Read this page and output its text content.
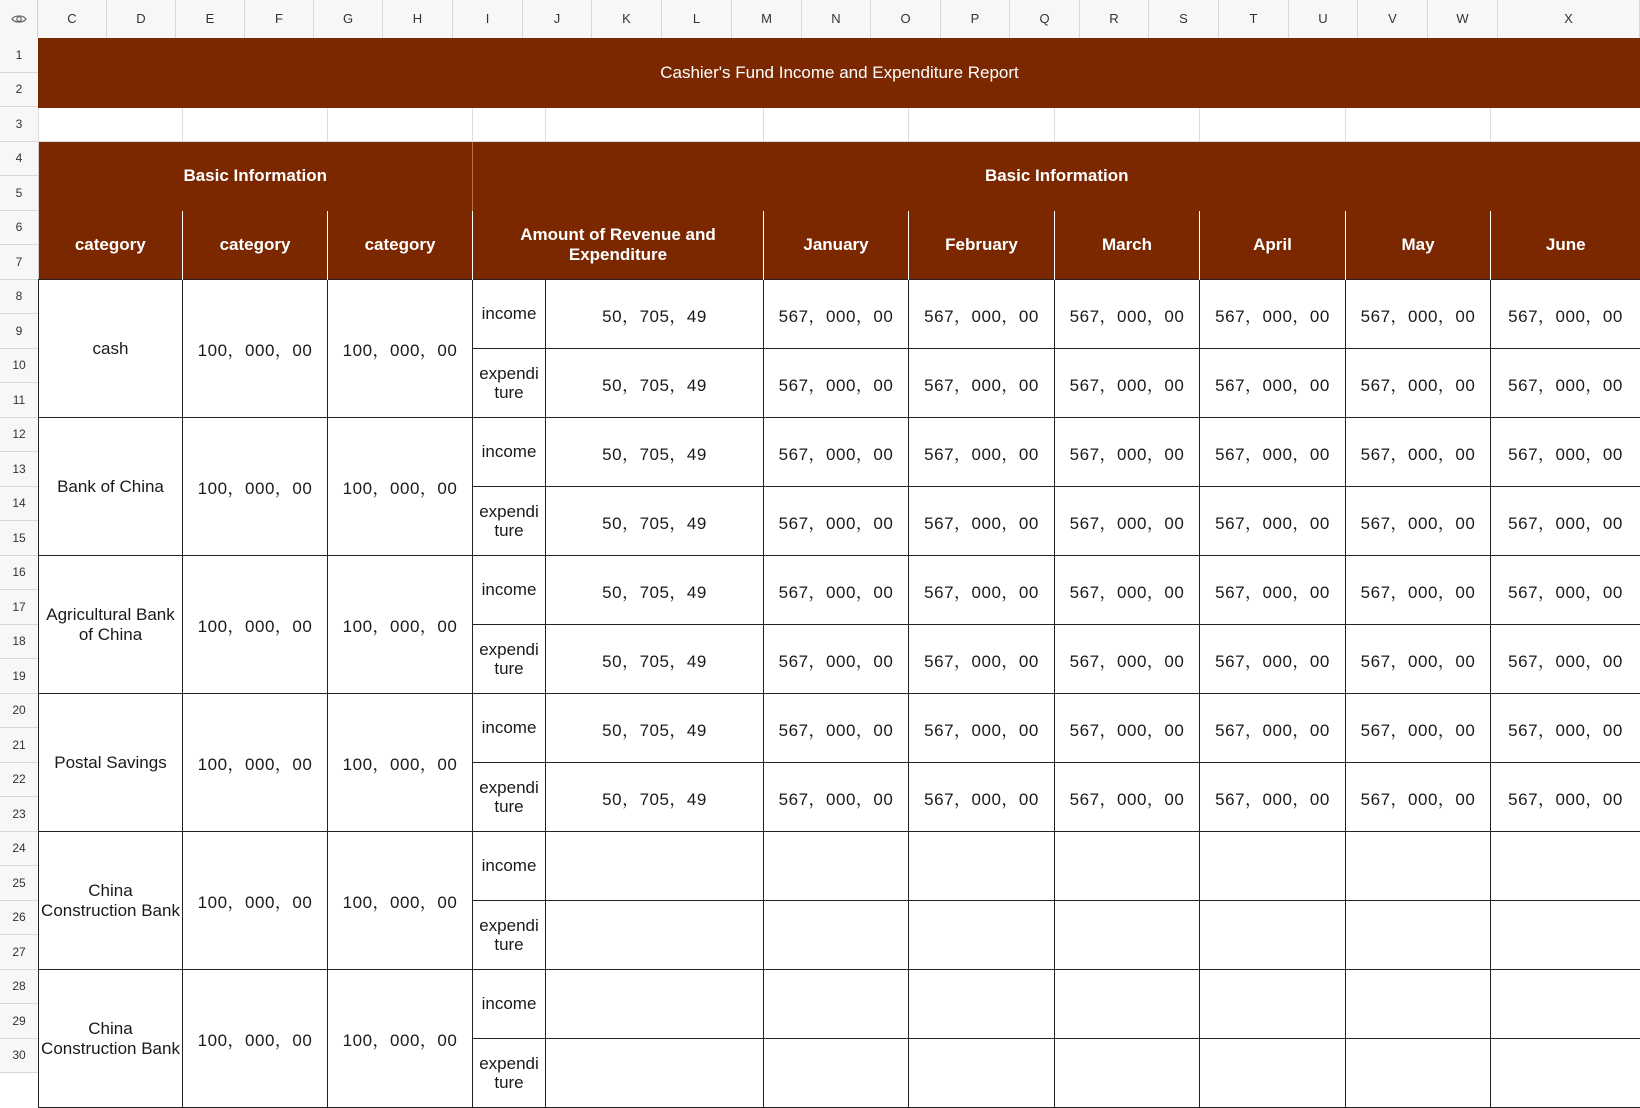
C	D	E	F	G	H	I	J	K	L	M	N	O	P	Q	R	S	T	U	V	W	X
1
2
3
4
5
6
7
8
9
10
11
12
13
14
15
16
17
18
19
20
21
22
23
24
25
26
27
28
29
30
Cashier's Fund Income and Expenditure Report										

Basic Information			Basic Information							
category	category	category	Amount of Revenue and Expenditure		January	February	March	April	May	June
cash	100，000，00	100，000，00	income	50，705，49	567，000，00	567，000，00	567，000，00	567，000，00	567，000，00	567，000，00

			expenditure	50，705，49	567，000，00	567，000，00	567，000，00	567，000，00	567，000，00	567，000，00
Bank of China	100，000，00	100，000，00	income	50，705，49	567，000，00	567，000，00	567，000，00	567，000，00	567，000，00	567，000，00

			expenditure	50，705，49	567，000，00	567，000，00	567，000，00	567，000，00	567，000，00	567，000，00
Agricultural Bank of China	100，000，00	100，000，00	income	50，705，49	567，000，00	567，000，00	567，000，00	567，000，00	567，000，00	567，000，00

			expenditure	50，705，49	567，000，00	567，000，00	567，000，00	567，000，00	567，000，00	567，000，00
Postal Savings	100，000，00	100，000，00	income	50，705，49	567，000，00	567，000，00	567，000，00	567，000，00	567，000，00	567，000，00

			expenditure	50，705，49	567，000，00	567，000，00	567，000，00	567，000，00	567，000，00	567，000，00
China Construction Bank	100，000，00	100，000，00	income							

			expenditure							

China Construction Bank	100，000，00	100，000，00	income							

			expenditure							
